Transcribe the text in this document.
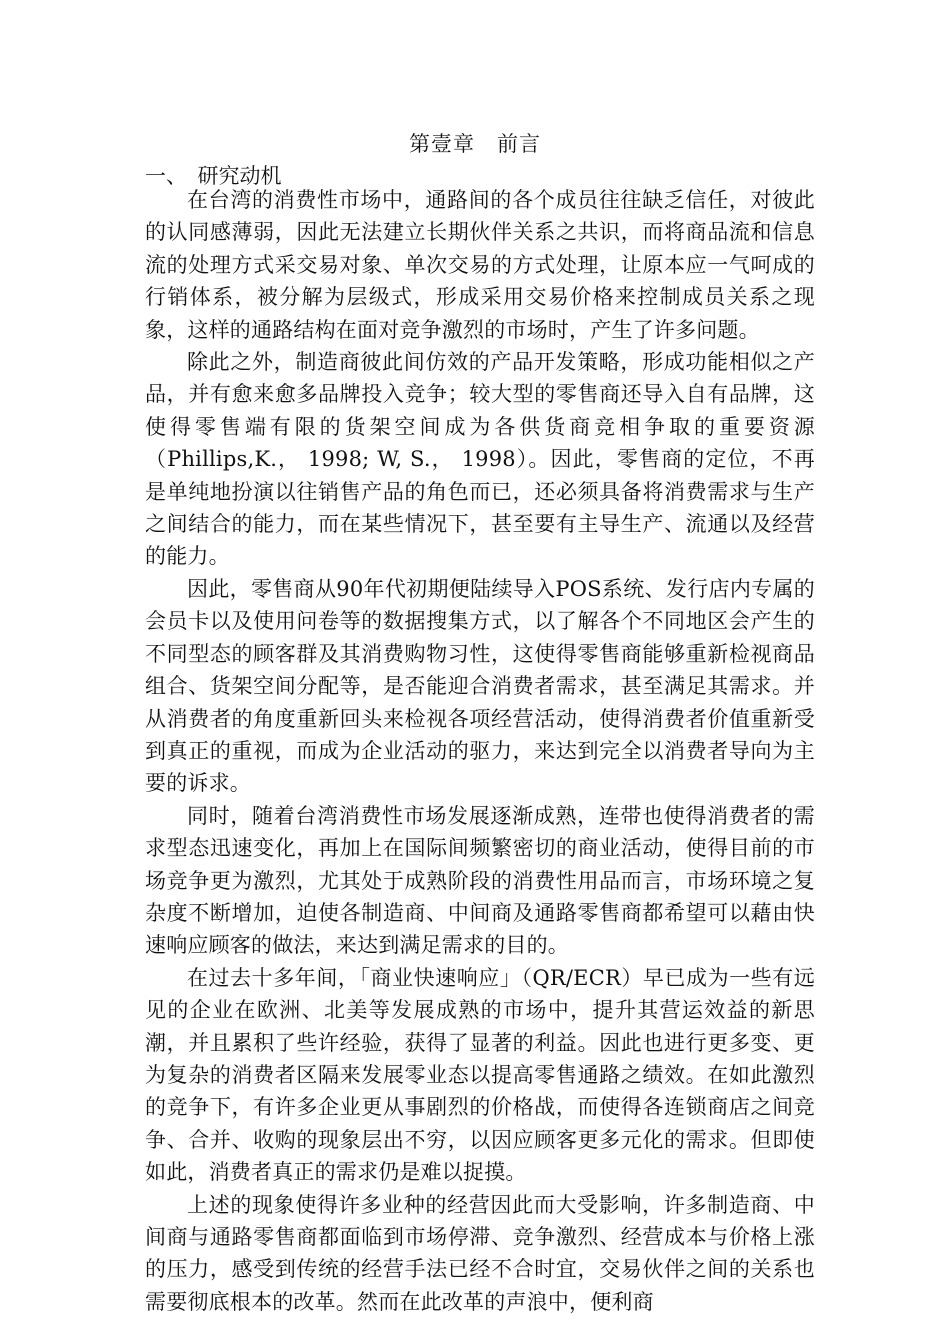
第壹章　前言
一、　研究动机

在台湾的消费性市场中，通路间的各个成员往往缺乏信任，对彼此的认同感薄弱，因此无法建立长期伙伴关系之共识，而将商品流和信息流的处理方式采交易对象、单次交易的方式处理，让原本应一气呵成的行销体系，被分解为层级式，形成采用交易价格来控制成员关系之现象，这样的通路结构在面对竞争激烈的市场时，产生了许多问题。

除此之外，制造商彼此间仿效的产品开发策略，形成功能相似之产品，并有愈来愈多品牌投入竞争；较大型的零售商还导入自有品牌，这使得零售端有限的货架空间成为各供货商竞相争取的重要资源（Phillips,K.， 1998; W, S.， 1998）。因此，零售商的定位，不再是单纯地扮演以往销售产品的角色而已，还必须具备将消费需求与生产之间结合的能力，而在某些情况下，甚至要有主导生产、流通以及经营的能力。

因此，零售商从90年代初期便陆续导入POS系统、发行店内专属的会员卡以及使用问卷等的数据搜集方式，以了解各个不同地区会产生的不同型态的顾客群及其消费购物习性，这使得零售商能够重新检视商品组合、货架空间分配等，是否能迎合消费者需求，甚至满足其需求。并从消费者的角度重新回头来检视各项经营活动，使得消费者价值重新受到真正的重视，而成为企业活动的驱力，来达到完全以消费者导向为主要的诉求。

同时，随着台湾消费性市场发展逐渐成熟，连带也使得消费者的需求型态迅速变化，再加上在国际间频繁密切的商业活动，使得目前的市场竞争更为激烈，尤其处于成熟阶段的消费性用品而言，市场环境之复杂度不断增加，迫使各制造商、中间商及通路零售商都希望可以藉由快速响应顾客的做法，来达到满足需求的目的。

在过去十多年间，「商业快速响应」（QR/ECR）早已成为一些有远见的企业在欧洲、北美等发展成熟的市场中，提升其营运效益的新思潮，并且累积了些许经验，获得了显著的利益。因此也进行更多变、更为复杂的消费者区隔来发展零业态以提高零售通路之绩效。在如此激烈的竞争下，有许多企业更从事剧烈的价格战，而使得各连锁商店之间竞争、合并、收购的现象层出不穷，以因应顾客更多元化的需求。但即使如此，消费者真正的需求仍是难以捉摸。

上述的现象使得许多业种的经营因此而大受影响，许多制造商、中间商与通路零售商都面临到市场停滞、竞争激烈、经营成本与价格上涨的压力，感受到传统的经营手法已经不合时宜，交易伙伴之间的关系也需要彻底根本的改革。然而在此改革的声浪中，便利商
